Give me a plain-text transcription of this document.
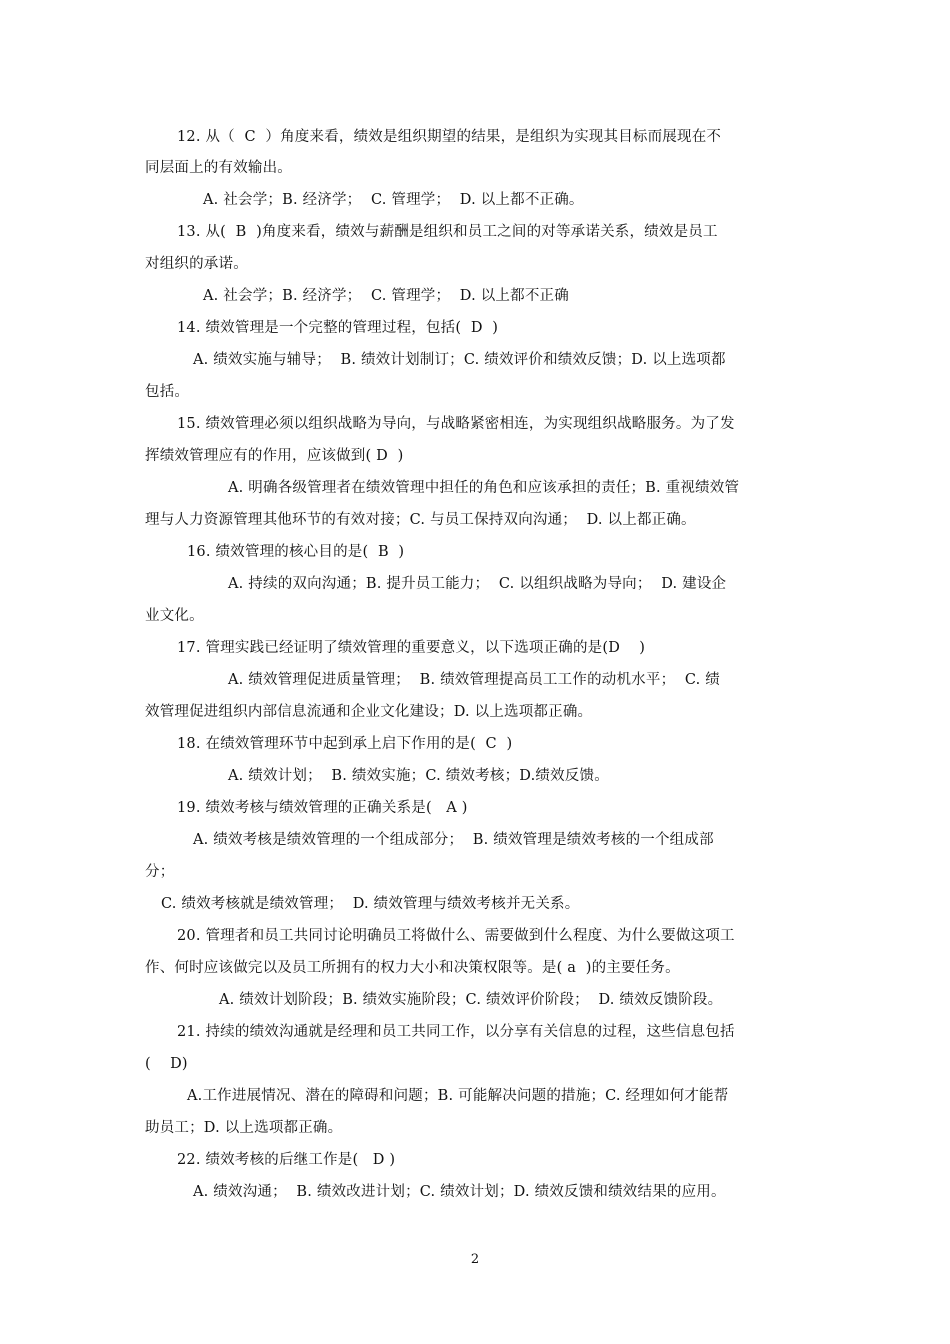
12. 从（  C  ）角度来看，绩效是组织期望的结果，是组织为实现其目标而展现在不
同层面上的有效输出。
A. 社会学；B. 经济学；  C. 管理学；  D. 以上都不正确。
13. 从(  B  )角度来看，绩效与薪酬是组织和员工之间的对等承诺关系，绩效是员工
对组织的承诺。
A. 社会学；B. 经济学；  C. 管理学；  D. 以上都不正确
14. 绩效管理是一个完整的管理过程，包括(  D  )
A. 绩效实施与辅导；  B. 绩效计划制订；C. 绩效评价和绩效反馈；D. 以上选项都
包括。
15. 绩效管理必须以组织战略为导向，与战略紧密相连，为实现组织战略服务。为了发
挥绩效管理应有的作用，应该做到( D  )
A. 明确各级管理者在绩效管理中担任的角色和应该承担的责任；B. 重视绩效管
理与人力资源管理其他环节的有效对接；C. 与员工保持双向沟通；  D. 以上都正确。
16. 绩效管理的核心目的是(  B  )
A. 持续的双向沟通；B. 提升员工能力；  C. 以组织战略为导向；  D. 建设企
业文化。
17. 管理实践已经证明了绩效管理的重要意义，以下选项正确的是(D    )
A. 绩效管理促进质量管理；  B. 绩效管理提高员工工作的动机水平；  C. 绩
效管理促进组织内部信息流通和企业文化建设；D. 以上选项都正确。
18. 在绩效管理环节中起到承上启下作用的是(  C  )
A. 绩效计划；  B. 绩效实施；C. 绩效考核；D.绩效反馈。
19. 绩效考核与绩效管理的正确关系是(   A )
A. 绩效考核是绩效管理的一个组成部分；  B. 绩效管理是绩效考核的一个组成部
分；
C. 绩效考核就是绩效管理；  D. 绩效管理与绩效考核并无关系。
20. 管理者和员工共同讨论明确员工将做什么、需要做到什么程度、为什么要做这项工
作、何时应该做完以及员工所拥有的权力大小和决策权限等。是( a  )的主要任务。
A. 绩效计划阶段；B. 绩效实施阶段；C. 绩效评价阶段；  D. 绩效反馈阶段。
21. 持续的绩效沟通就是经理和员工共同工作，以分享有关信息的过程，这些信息包括
(    D)
A.工作进展情况、潜在的障碍和问题；B. 可能解决问题的措施；C. 经理如何才能帮
助员工；D. 以上选项都正确。
22. 绩效考核的后继工作是(   D )
A. 绩效沟通；  B. 绩效改进计划；C. 绩效计划；D. 绩效反馈和绩效结果的应用。
2
